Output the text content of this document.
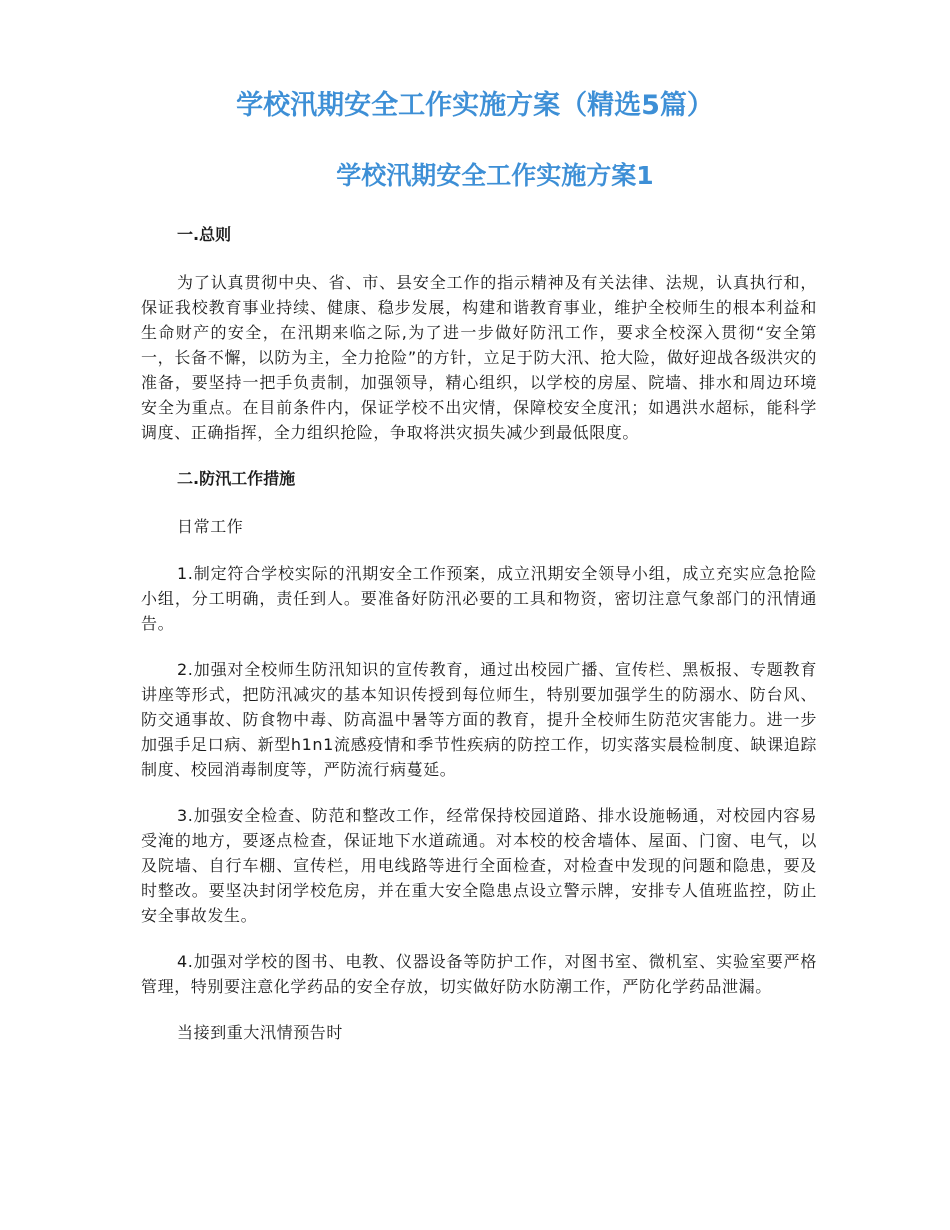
学校汛期安全工作实施方案（精选5篇）
学校汛期安全工作实施方案1

一.总则

为了认真贯彻中央、省、市、县安全工作的指示精神及有关法律、法规，认真执行和，保证我校教育事业持续、健康、稳步发展，构建和谐教育事业，维护全校师生的根本利益和生命财产的安全，在汛期来临之际,为了进一步做好防汛工作，要求全校深入贯彻“安全第一，长备不懈，以防为主，全力抢险”的方针，立足于防大汛、抢大险，做好迎战各级洪灾的准备，要坚持一把手负责制，加强领导，精心组织，以学校的房屋、院墙、排水和周边环境安全为重点。在目前条件内，保证学校不出灾情，保障校安全度汛；如遇洪水超标，能科学调度、正确指挥，全力组织抢险，争取将洪灾损失减少到最低限度。

二.防汛工作措施

日常工作

1.制定符合学校实际的汛期安全工作预案，成立汛期安全领导小组，成立充实应急抢险小组，分工明确，责任到人。要准备好防汛必要的工具和物资，密切注意气象部门的汛情通告。

2.加强对全校师生防汛知识的宣传教育，通过出校园广播、宣传栏、黑板报、专题教育讲座等形式，把防汛减灾的基本知识传授到每位师生，特别要加强学生的防溺水、防台风、防交通事故、防食物中毒、防高温中暑等方面的教育，提升全校师生防范灾害能力。进一步加强手足口病、新型h1n1流感疫情和季节性疾病的防控工作，切实落实晨检制度、缺课追踪制度、校园消毒制度等，严防流行病蔓延。

3.加强安全检查、防范和整改工作，经常保持校园道路、排水设施畅通，对校园内容易受淹的地方，要逐点检查，保证地下水道疏通。对本校的校舍墙体、屋面、门窗、电气，以及院墙、自行车棚、宣传栏，用电线路等进行全面检查，对检查中发现的问题和隐患，要及时整改。要坚决封闭学校危房，并在重大安全隐患点设立警示牌，安排专人值班监控，防止安全事故发生。

4.加强对学校的图书、电教、仪器设备等防护工作，对图书室、微机室、实验室要严格管理，特别要注意化学药品的安全存放，切实做好防水防潮工作，严防化学药品泄漏。

当接到重大汛情预告时
